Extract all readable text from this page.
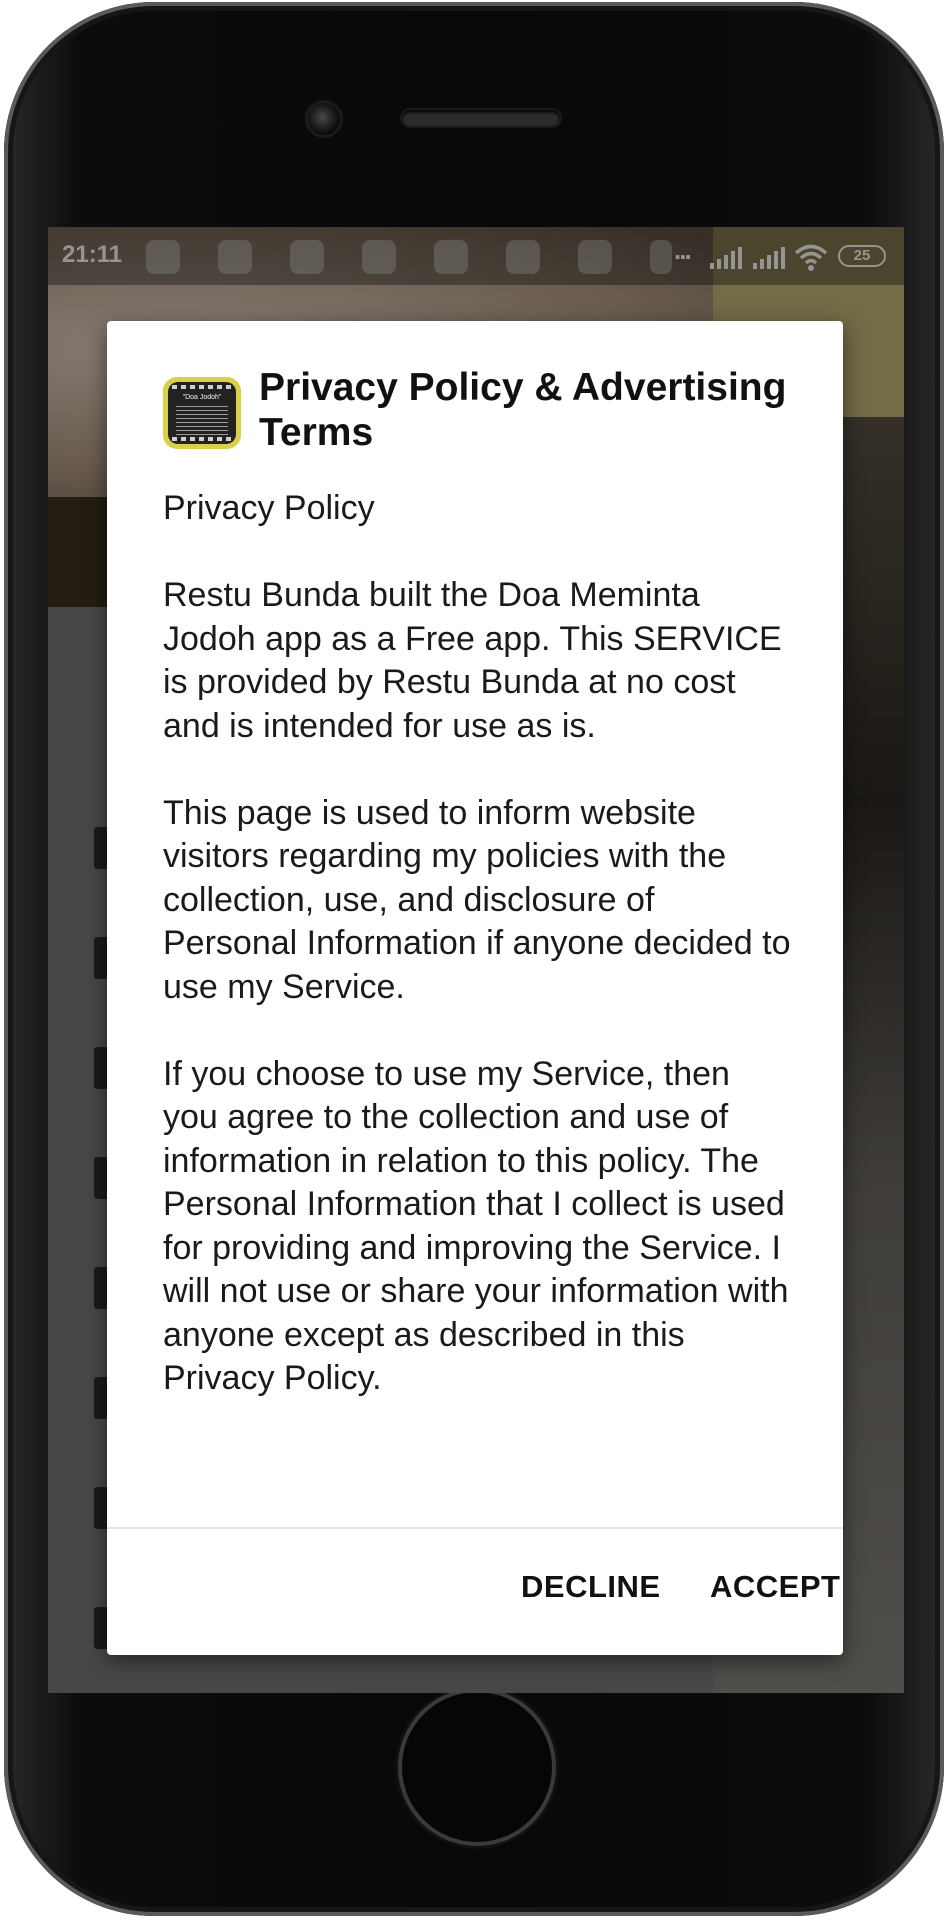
21:11	...	25
"Doa Jodoh" Privacy Policy & Advertising Terms

Privacy Policy

Restu Bunda built the Doa Meminta Jodoh app as a Free app. This SERVICE is provided by Restu Bunda at no cost and is intended for use as is.

This page is used to inform website visitors regarding my policies with the collection, use, and disclosure of Personal Information if anyone decided to use my Service.

If you choose to use my Service, then you agree to the collection and use of information in relation to this policy. The Personal Information that I collect is used for providing and improving the Service. I will not use or share your information with anyone except as described in this Privacy Policy.

DECLINE ACCEPT
